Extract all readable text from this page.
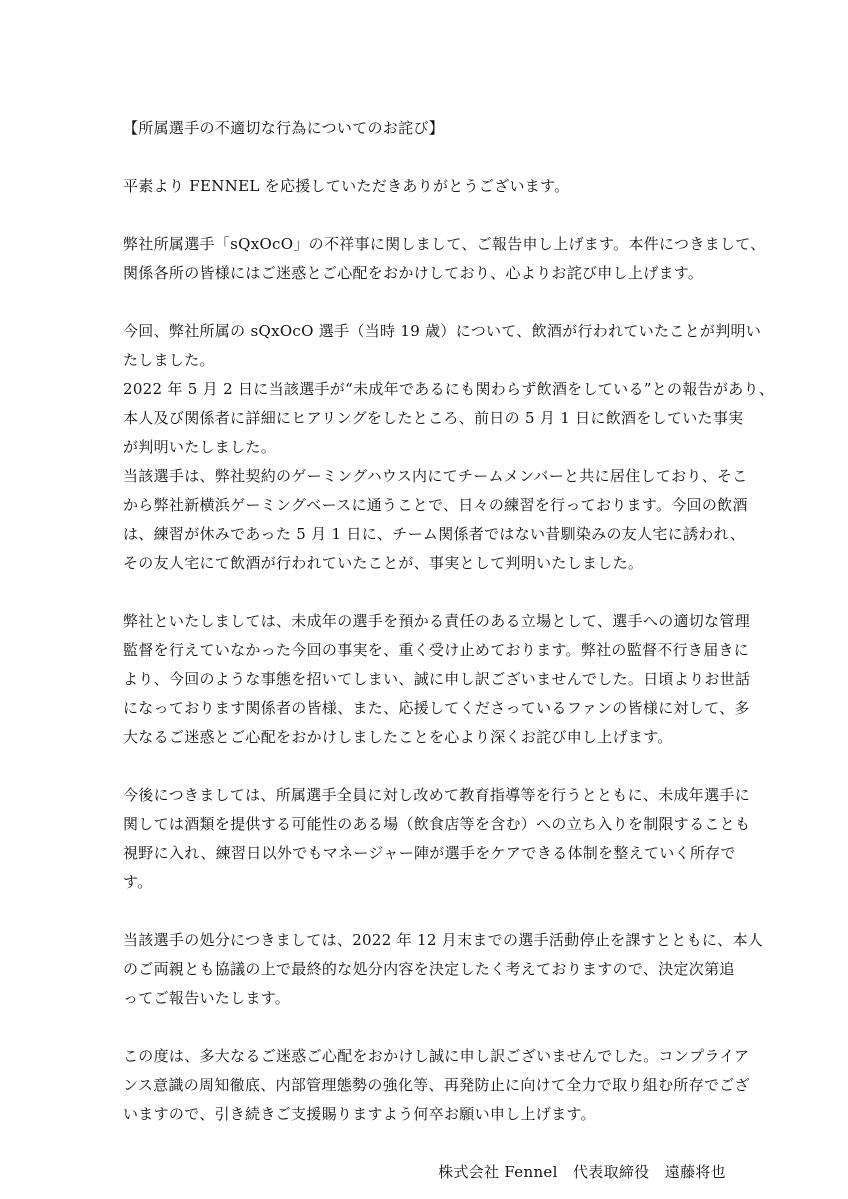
【所属選手の不適切な行為についてのお詫び】
平素より FENNEL を応援していただきありがとうございます。
弊社所属選手「sQxOcO」の不祥事に関しまして、ご報告申し上げます。本件につきまして、
関係各所の皆様にはご迷惑とご心配をおかけしており、心よりお詫び申し上げます。
今回、弊社所属の sQxOcO 選手（当時 19 歳）について、飲酒が行われていたことが判明い
たしました。
2022 年 5 月 2 日に当該選手が“未成年であるにも関わらず飲酒をしている”との報告があり、
本人及び関係者に詳細にヒアリングをしたところ、前日の 5 月 1 日に飲酒をしていた事実
が判明いたしました。
当該選手は、弊社契約のゲーミングハウス内にてチームメンバーと共に居住しており、そこ
から弊社新横浜ゲーミングベースに通うことで、日々の練習を行っております。今回の飲酒
は、練習が休みであった 5 月 1 日に、チーム関係者ではない昔馴染みの友人宅に誘われ、
その友人宅にて飲酒が行われていたことが、事実として判明いたしました。
弊社といたしましては、未成年の選手を預かる責任のある立場として、選手への適切な管理
監督を行えていなかった今回の事実を、重く受け止めております。弊社の監督不行き届きに
より、今回のような事態を招いてしまい、誠に申し訳ございませんでした。日頃よりお世話
になっております関係者の皆様、また、応援してくださっているファンの皆様に対して、多
大なるご迷惑とご心配をおかけしましたことを心より深くお詫び申し上げます。
今後につきましては、所属選手全員に対し改めて教育指導等を行うとともに、未成年選手に
関しては酒類を提供する可能性のある場（飲食店等を含む）への立ち入りを制限することも
視野に入れ、練習日以外でもマネージャー陣が選手をケアできる体制を整えていく所存で
す。
当該選手の処分につきましては、2022 年 12 月末までの選手活動停止を課すとともに、本人
のご両親とも協議の上で最終的な処分内容を決定したく考えておりますので、決定次第追
ってご報告いたします。
この度は、多大なるご迷惑ご心配をおかけし誠に申し訳ございませんでした。コンプライア
ンス意識の周知徹底、内部管理態勢の強化等、再発防止に向けて全力で取り組む所存でござ
いますので、引き続きご支援賜りますよう何卒お願い申し上げます。
株式会社 Fennel　代表取締役　遠藤将也
